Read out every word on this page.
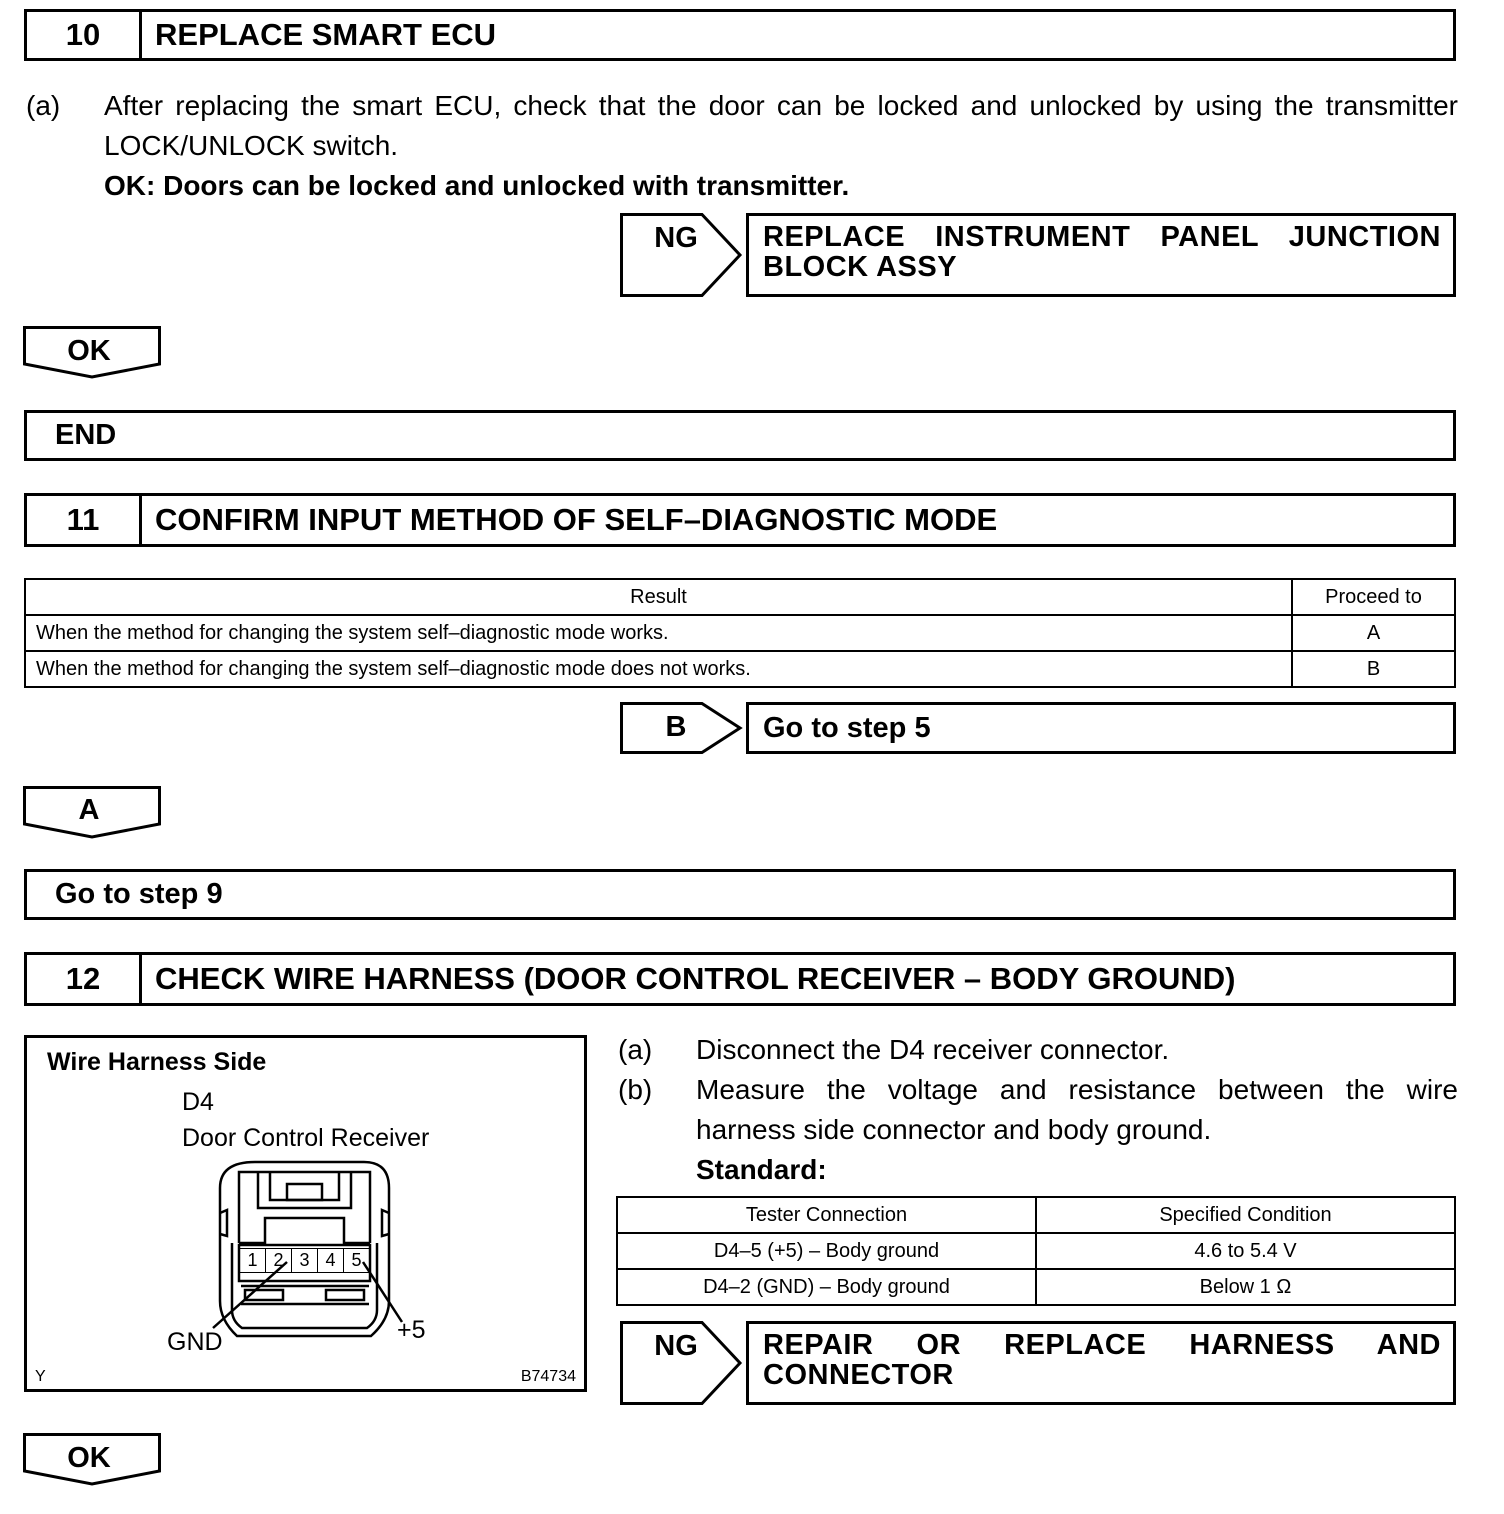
10	REPLACE SMART ECU
(a) After replacing the smart ECU, check that the door can be locked and unlocked by using the transmitter LOCK/UNLOCK switch.
OK: Doors can be locked and unlocked with transmitter.
NG	REPLACE INSTRUMENT PANEL JUNCTION BLOCK ASSY
OK
END
11	CONFIRM INPUT METHOD OF SELF–DIAGNOSTIC MODE
Result	Proceed to
When the method for changing the system self–diagnostic mode works.	A
When the method for changing the system self–diagnostic mode does not works.	B
B	Go to step 5
A
Go to step 9
12	CHECK WIRE HARNESS (DOOR CONTROL RECEIVER – BODY GROUND)
Wire Harness Side
D4
Door Control Receiver
1 2 3 4 5
GND	+5
Y	B74734
(a) Disconnect the D4 receiver connector.
(b) Measure the voltage and resistance between the wire harness side connector and body ground.
Standard:
Tester Connection	Specified Condition
D4–5 (+5) – Body ground	4.6 to 5.4 V
D4–2 (GND) – Body ground	Below 1 Ω
NG	REPAIR OR REPLACE HARNESS AND CONNECTOR
OK
